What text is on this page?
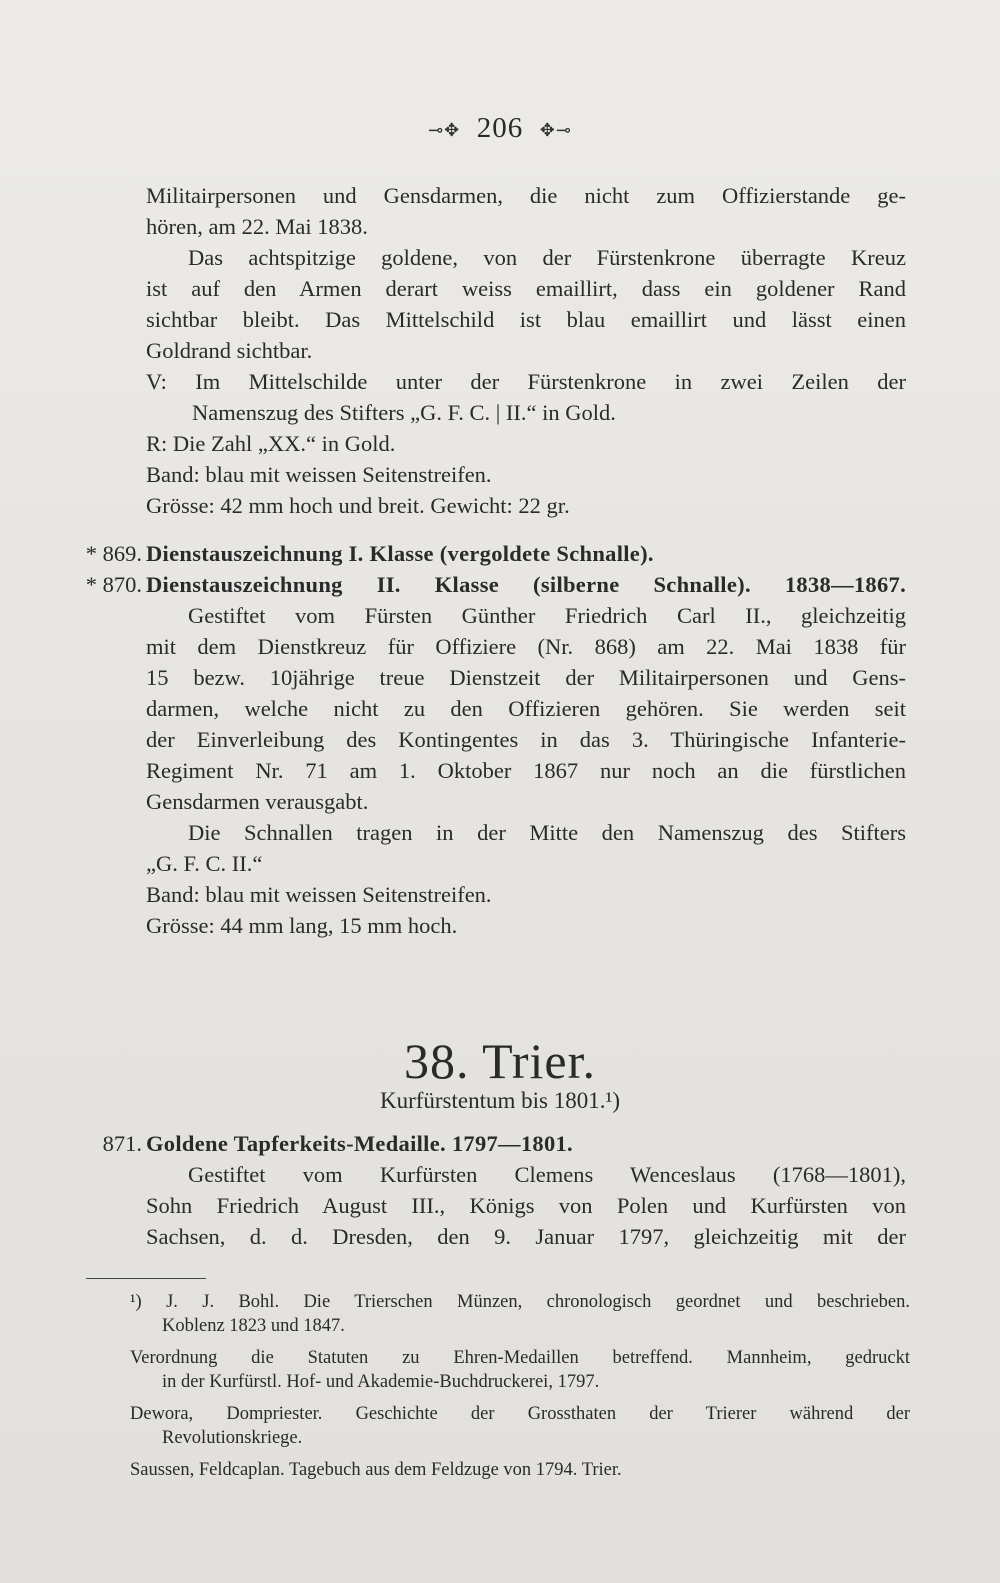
⊸✥ 206 ✥⊸
Militairpersonen und Gensdarmen, die nicht zum Offizierstande ge-
hören, am 22. Mai 1838.
Das achtspitzige goldene, von der Fürstenkrone überragte Kreuz
ist auf den Armen derart weiss emaillirt, dass ein goldener Rand
sichtbar bleibt. Das Mittelschild ist blau emaillirt und lässt einen
Goldrand sichtbar.
V: Im Mittelschilde unter der Fürstenkrone in zwei Zeilen der
Namenszug des Stifters „G. F. C. | II.“ in Gold.
R: Die Zahl „XX.“ in Gold.
Band: blau mit weissen Seitenstreifen.
Grösse: 42 mm hoch und breit. Gewicht: 22 gr.
* 869. Dienstauszeichnung I. Klasse (vergoldete Schnalle).
* 870. Dienstauszeichnung II. Klasse (silberne Schnalle). 1838—1867.
Gestiftet vom Fürsten Günther Friedrich Carl II., gleichzeitig
mit dem Dienstkreuz für Offiziere (Nr. 868) am 22. Mai 1838 für
15 bezw. 10jährige treue Dienstzeit der Militairpersonen und Gens-
darmen, welche nicht zu den Offizieren gehören. Sie werden seit
der Einverleibung des Kontingentes in das 3. Thüringische Infanterie-
Regiment Nr. 71 am 1. Oktober 1867 nur noch an die fürstlichen
Gensdarmen verausgabt.
Die Schnallen tragen in der Mitte den Namenszug des Stifters
„G. F. C. II.“
Band: blau mit weissen Seitenstreifen.
Grösse: 44 mm lang, 15 mm hoch.
38. Trier.
Kurfürstentum bis 1801.¹)
871. Goldene Tapferkeits-Medaille. 1797—1801.
Gestiftet vom Kurfürsten Clemens Wenceslaus (1768—1801),
Sohn Friedrich August III., Königs von Polen und Kurfürsten von
Sachsen, d. d. Dresden, den 9. Januar 1797, gleichzeitig mit der
¹) J. J. Bohl. Die Trierschen Münzen, chronologisch geordnet und beschrieben.
Koblenz 1823 und 1847.
Verordnung die Statuten zu Ehren-Medaillen betreffend. Mannheim, gedruckt
in der Kurfürstl. Hof- und Akademie-Buchdruckerei, 1797.
Dewora, Dompriester. Geschichte der Grossthaten der Trierer während der
Revolutionskriege.
Saussen, Feldcaplan. Tagebuch aus dem Feldzuge von 1794. Trier.
